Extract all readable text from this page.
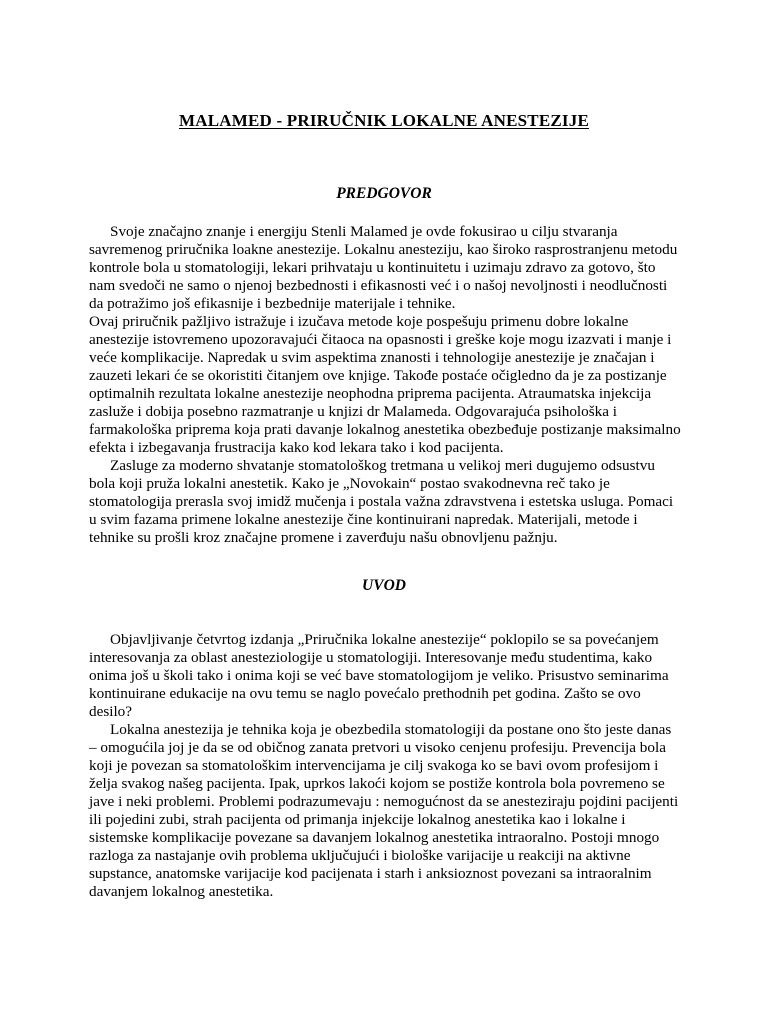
MALAMED - PRIRUČNIK LOKALNE ANESTEZIJE
PREDGOVOR

Svoje značajno znanje i energiju Stenli Malamed je ovde fokusirao u cilju stvaranja savremenog priručnika loakne anestezije. Lokalnu anesteziju, kao široko rasprostranjenu metodu kontrole bola u stomatologiji, lekari prihvataju u kontinuitetu i uzimaju zdravo za gotovo, što nam svedoči ne samo o njenoj bezbednosti i efikasnosti već i o našoj nevoljnosti i neodlučnosti da potražimo još efikasnije i bezbednije materijale i tehnike.

Ovaj priručnik pažljivo istražuje i izučava metode koje pospešuju primenu dobre lokalne anestezije istovremeno upozoravajući čitaoca na opasnosti i greške koje mogu izazvati i manje i veće komplikacije. Napredak u svim aspektima znanosti i tehnologije anestezije je značajan i zauzeti lekari će se okoristiti čitanjem ove knjige. Takođe postaće očigledno da je za postizanje optimalnih rezultata lokalne anestezije neophodna priprema pacijenta. Atraumatska injekcija zasluže i dobija posebno razmatranje u knjizi dr Malameda. Odgovarajuća psihološka i farmakološka priprema koja prati davanje lokalnog anestetika obezbeđuje postizanje maksimalno efekta i izbegavanja frustracija kako kod lekara tako i kod pacijenta.

Zasluge za moderno shvatanje stomatološkog tretmana u velikoj meri dugujemo odsustvu bola koji pruža lokalni anestetik. Kako je „Novokain“ postao svakodnevna reč tako je stomatologija prerasla svoj imidž mučenja i postala važna zdravstvena i estetska usluga. Pomaci u svim fazama primene lokalne anestezije čine kontinuirani napredak. Materijali, metode i tehnike su prošli kroz značajne promene i zaverđuju našu obnovljenu pažnju.

UVOD

Objavljivanje četvrtog izdanja „Priručnika lokalne anestezije“ poklopilo se sa povećanjem interesovanja za oblast anesteziologije u stomatologiji. Interesovanje među studentima, kako onima još u školi tako i onima koji se već bave stomatologijom je veliko. Prisustvo seminarima kontinuirane edukacije na ovu temu se naglo povećalo prethodnih pet godina. Zašto se ovo desilo?

Lokalna anestezija je tehnika koja je obezbedila stomatologiji da postane ono što jeste danas – omogućila joj je da se od običnog zanata pretvori u visoko cenjenu profesiju. Prevencija bola koji je povezan sa stomatološkim intervencijama je cilj svakoga ko se bavi ovom profesijom i želja svakog našeg pacijenta. Ipak, uprkos lakoći kojom se postiže kontrola bola povremeno se jave i neki problemi. Problemi podrazumevaju : nemogućnost da se anesteziraju pojdini pacijenti ili pojedini zubi, strah pacijenta od primanja injekcije lokalnog anestetika kao i lokalne i sistemske komplikacije povezane sa davanjem lokalnog anestetika intraoralno. Postoji mnogo razloga za nastajanje ovih problema uključujući i biološke varijacije u reakciji na aktivne supstance, anatomske varijacije kod pacijenata i starh i anksioznost povezani sa intraoralnim davanjem lokalnog anestetika.
